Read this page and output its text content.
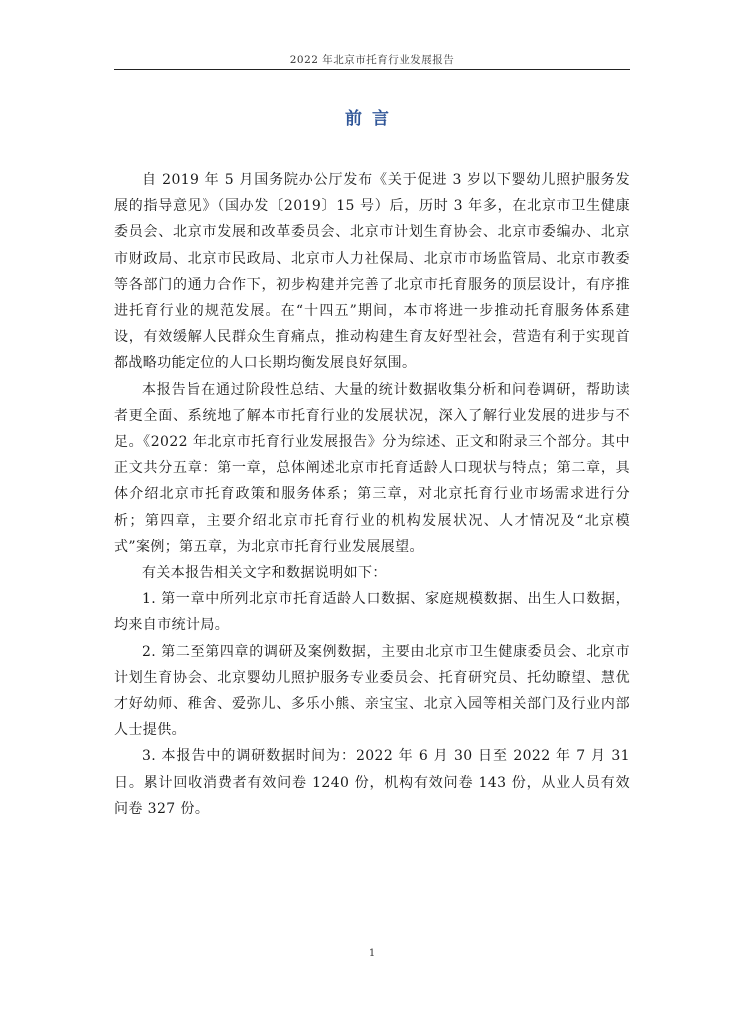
2022 年北京市托育行业发展报告
前言

自 2019 年 5 月国务院办公厅发布《关于促进 3 岁以下婴幼儿照护服务发展的指导意见》（国办发〔2019〕15 号）后，历时 3 年多，在北京市卫生健康委员会、北京市发展和改革委员会、北京市计划生育协会、北京市委编办、北京市财政局、北京市民政局、北京市人力社保局、北京市市场监管局、北京市教委等各部门的通力合作下，初步构建并完善了北京市托育服务的顶层设计，有序推进托育行业的规范发展。在“十四五”期间，本市将进一步推动托育服务体系建设，有效缓解人民群众生育痛点，推动构建生育友好型社会，营造有利于实现首都战略功能定位的人口长期均衡发展良好氛围。

本报告旨在通过阶段性总结、大量的统计数据收集分析和问卷调研，帮助读者更全面、系统地了解本市托育行业的发展状况，深入了解行业发展的进步与不足。《2022 年北京市托育行业发展报告》分为综述、正文和附录三个部分。其中正文共分五章：第一章，总体阐述北京市托育适龄人口现状与特点；第二章，具体介绍北京市托育政策和服务体系；第三章，对北京托育行业市场需求进行分析；第四章，主要介绍北京市托育行业的机构发展状况、人才情况及“北京模式”案例；第五章，为北京市托育行业发展展望。

有关本报告相关文字和数据说明如下：

1. 第一章中所列北京市托育适龄人口数据、家庭规模数据、出生人口数据，均来自市统计局。

2. 第二至第四章的调研及案例数据，主要由北京市卫生健康委员会、北京市计划生育协会、北京婴幼儿照护服务专业委员会、托育研究员、托幼瞭望、慧优才好幼师、稚舍、爱弥儿、多乐小熊、亲宝宝、北京入园等相关部门及行业内部人士提供。

3. 本报告中的调研数据时间为：2022 年 6 月 30 日至 2022 年 7 月 31 日。累计回收消费者有效问卷 1240 份，机构有效问卷 143 份，从业人员有效问卷 327 份。

1
